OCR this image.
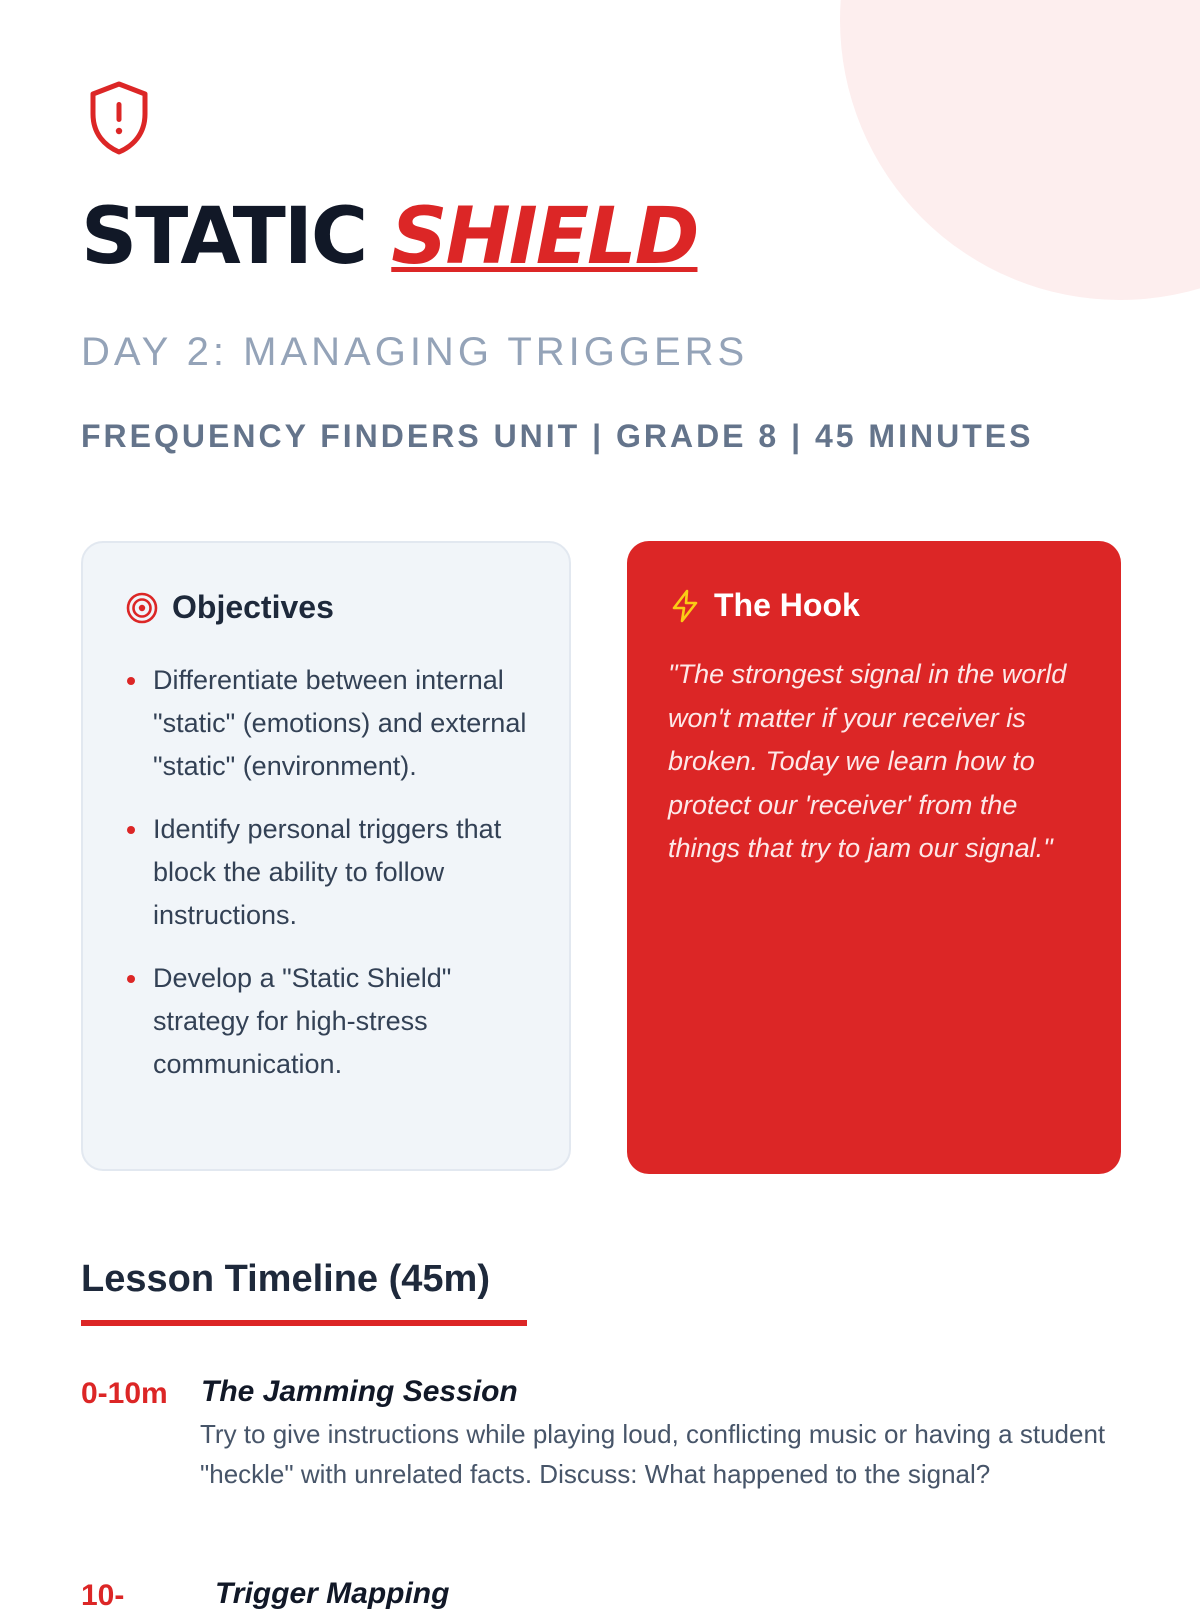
STATIC SHIELD
DAY 2: MANAGING TRIGGERS
FREQUENCY FINDERS UNIT | GRADE 8 | 45 MINUTES
Objectives
Differentiate between internal "static" (emotions) and external "static" (environment).
Identify personal triggers that block the ability to follow instructions.
Develop a "Static Shield" strategy for high-stress communication.
The Hook
"The strongest signal in the world won't matter if your receiver is broken. Today we learn how to protect our 'receiver' from the things that try to jam our signal."
Lesson Timeline (45m)
0-10m	The Jamming Session
Try to give instructions while playing loud, conflicting music or having a student "heckle" with unrelated facts. Discuss: What happened to the signal?
10-	Trigger Mapping
